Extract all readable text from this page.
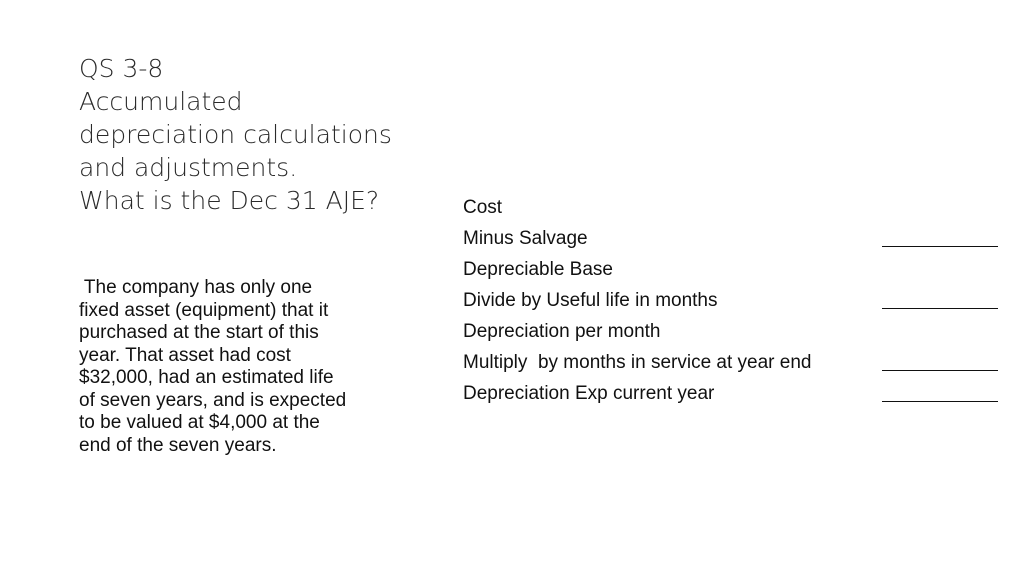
QS 3-8
Accumulated
depreciation calculations
and adjustments.
What is the Dec 31 AJE?
The company has only one
fixed asset (equipment) that it
purchased at the start of this
year. That asset had cost
$32,000, had an estimated life
of seven years, and is expected
to be valued at $4,000 at the
end of the seven years.
Cost
Minus Salvage
Depreciable Base
Divide by Useful life in months
Depreciation per month
Multiply  by months in service at year end
Depreciation Exp current year
